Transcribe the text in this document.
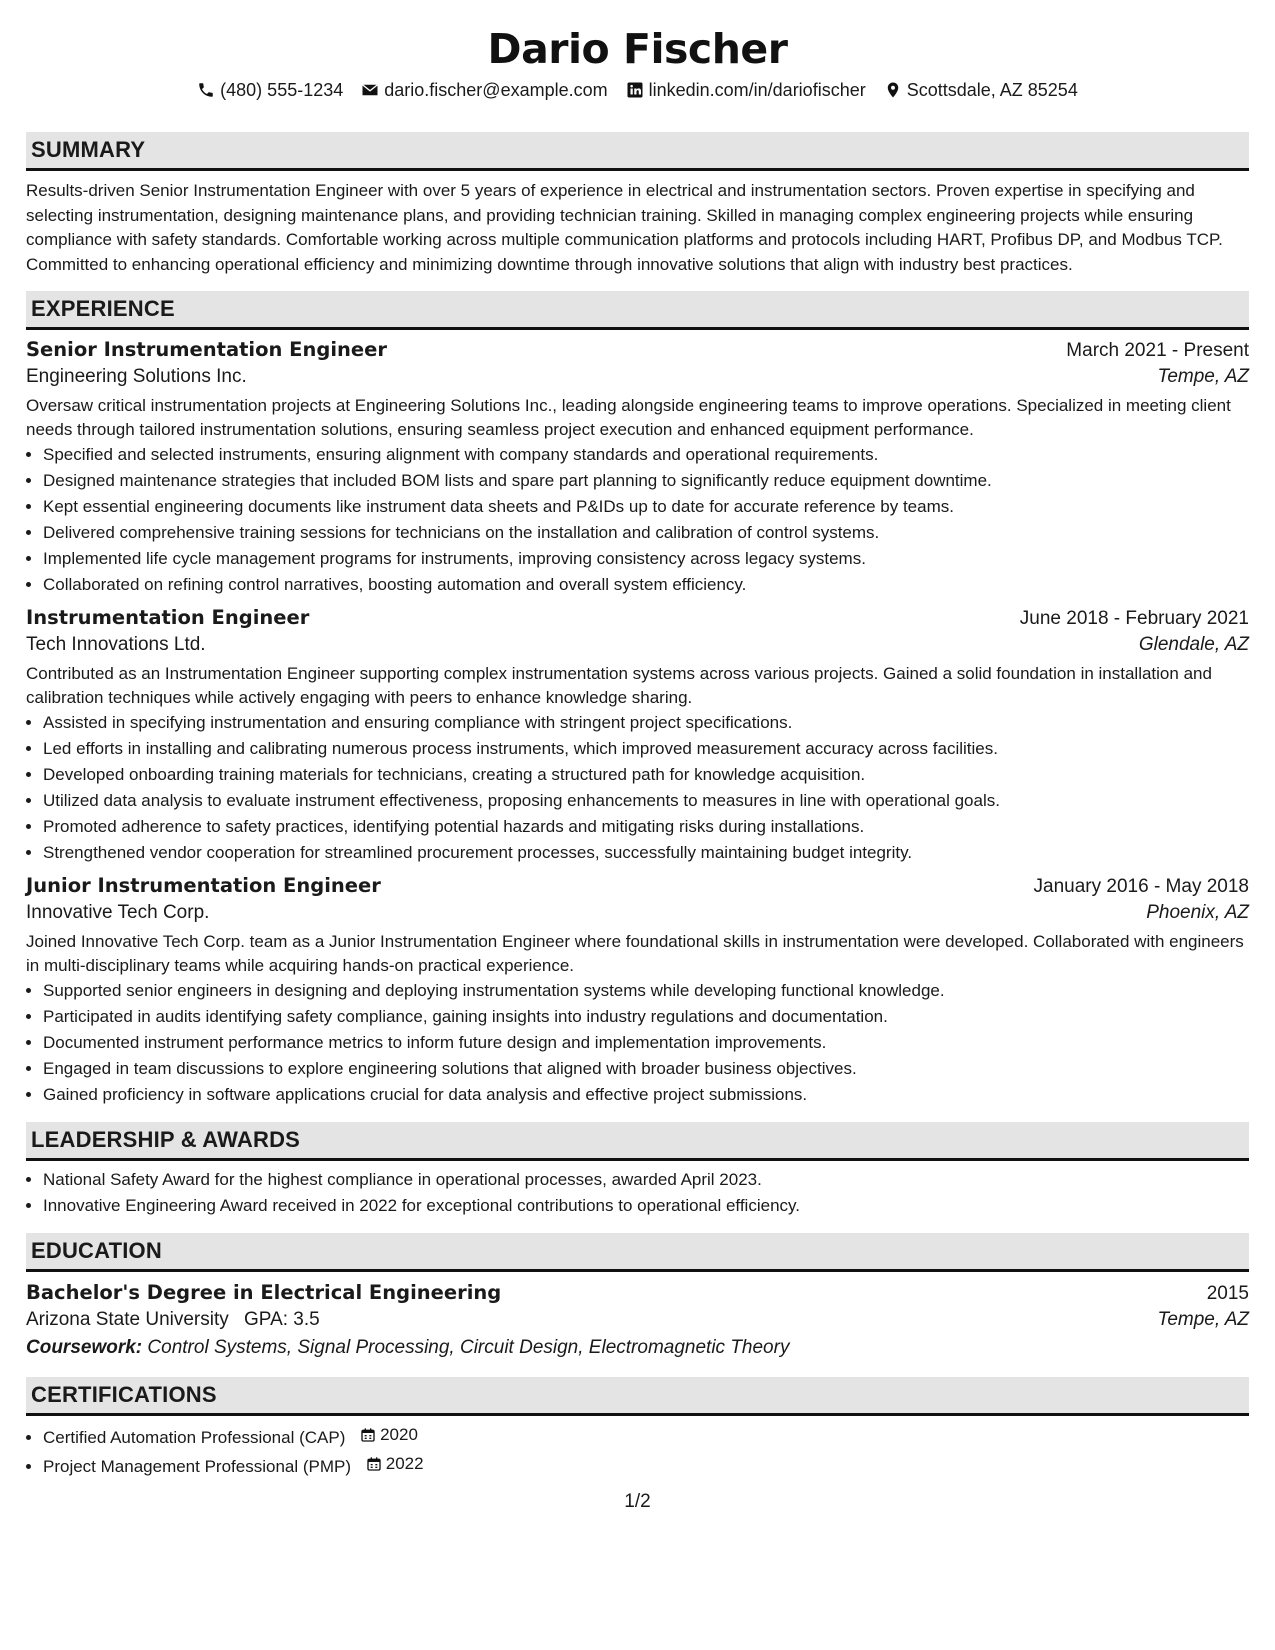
Dario Fischer
(480) 555-1234 dario.fischer@example.com linkedin.com/in/dariofischer Scottsdale, AZ 85254
SUMMARY
Results-driven Senior Instrumentation Engineer with over 5 years of experience in electrical and instrumentation sectors. Proven expertise in specifying and selecting instrumentation, designing maintenance plans, and providing technician training. Skilled in managing complex engineering projects while ensuring compliance with safety standards. Comfortable working across multiple communication platforms and protocols including HART, Profibus DP, and Modbus TCP. Committed to enhancing operational efficiency and minimizing downtime through innovative solutions that align with industry best practices.
EXPERIENCE
Senior Instrumentation Engineer	March 2021 - Present
Engineering Solutions Inc.	Tempe, AZ
Oversaw critical instrumentation projects at Engineering Solutions Inc., leading alongside engineering teams to improve operations. Specialized in meeting client needs through tailored instrumentation solutions, ensuring seamless project execution and enhanced equipment performance.
• Specified and selected instruments, ensuring alignment with company standards and operational requirements.
• Designed maintenance strategies that included BOM lists and spare part planning to significantly reduce equipment downtime.
• Kept essential engineering documents like instrument data sheets and P&IDs up to date for accurate reference by teams.
• Delivered comprehensive training sessions for technicians on the installation and calibration of control systems.
• Implemented life cycle management programs for instruments, improving consistency across legacy systems.
• Collaborated on refining control narratives, boosting automation and overall system efficiency.
Instrumentation Engineer	June 2018 - February 2021
Tech Innovations Ltd.	Glendale, AZ
Contributed as an Instrumentation Engineer supporting complex instrumentation systems across various projects. Gained a solid foundation in installation and calibration techniques while actively engaging with peers to enhance knowledge sharing.
• Assisted in specifying instrumentation and ensuring compliance with stringent project specifications.
• Led efforts in installing and calibrating numerous process instruments, which improved measurement accuracy across facilities.
• Developed onboarding training materials for technicians, creating a structured path for knowledge acquisition.
• Utilized data analysis to evaluate instrument effectiveness, proposing enhancements to measures in line with operational goals.
• Promoted adherence to safety practices, identifying potential hazards and mitigating risks during installations.
• Strengthened vendor cooperation for streamlined procurement processes, successfully maintaining budget integrity.
Junior Instrumentation Engineer	January 2016 - May 2018
Innovative Tech Corp.	Phoenix, AZ
Joined Innovative Tech Corp. team as a Junior Instrumentation Engineer where foundational skills in instrumentation were developed. Collaborated with engineers in multi-disciplinary teams while acquiring hands-on practical experience.
• Supported senior engineers in designing and deploying instrumentation systems while developing functional knowledge.
• Participated in audits identifying safety compliance, gaining insights into industry regulations and documentation.
• Documented instrument performance metrics to inform future design and implementation improvements.
• Engaged in team discussions to explore engineering solutions that aligned with broader business objectives.
• Gained proficiency in software applications crucial for data analysis and effective project submissions.
LEADERSHIP & AWARDS
• National Safety Award for the highest compliance in operational processes, awarded April 2023.
• Innovative Engineering Award received in 2022 for exceptional contributions to operational efficiency.
EDUCATION
Bachelor's Degree in Electrical Engineering	2015
Arizona State University GPA: 3.5	Tempe, AZ
Coursework: Control Systems, Signal Processing, Circuit Design, Electromagnetic Theory
CERTIFICATIONS
• Certified Automation Professional (CAP) 2020
• Project Management Professional (PMP) 2022
1/2
